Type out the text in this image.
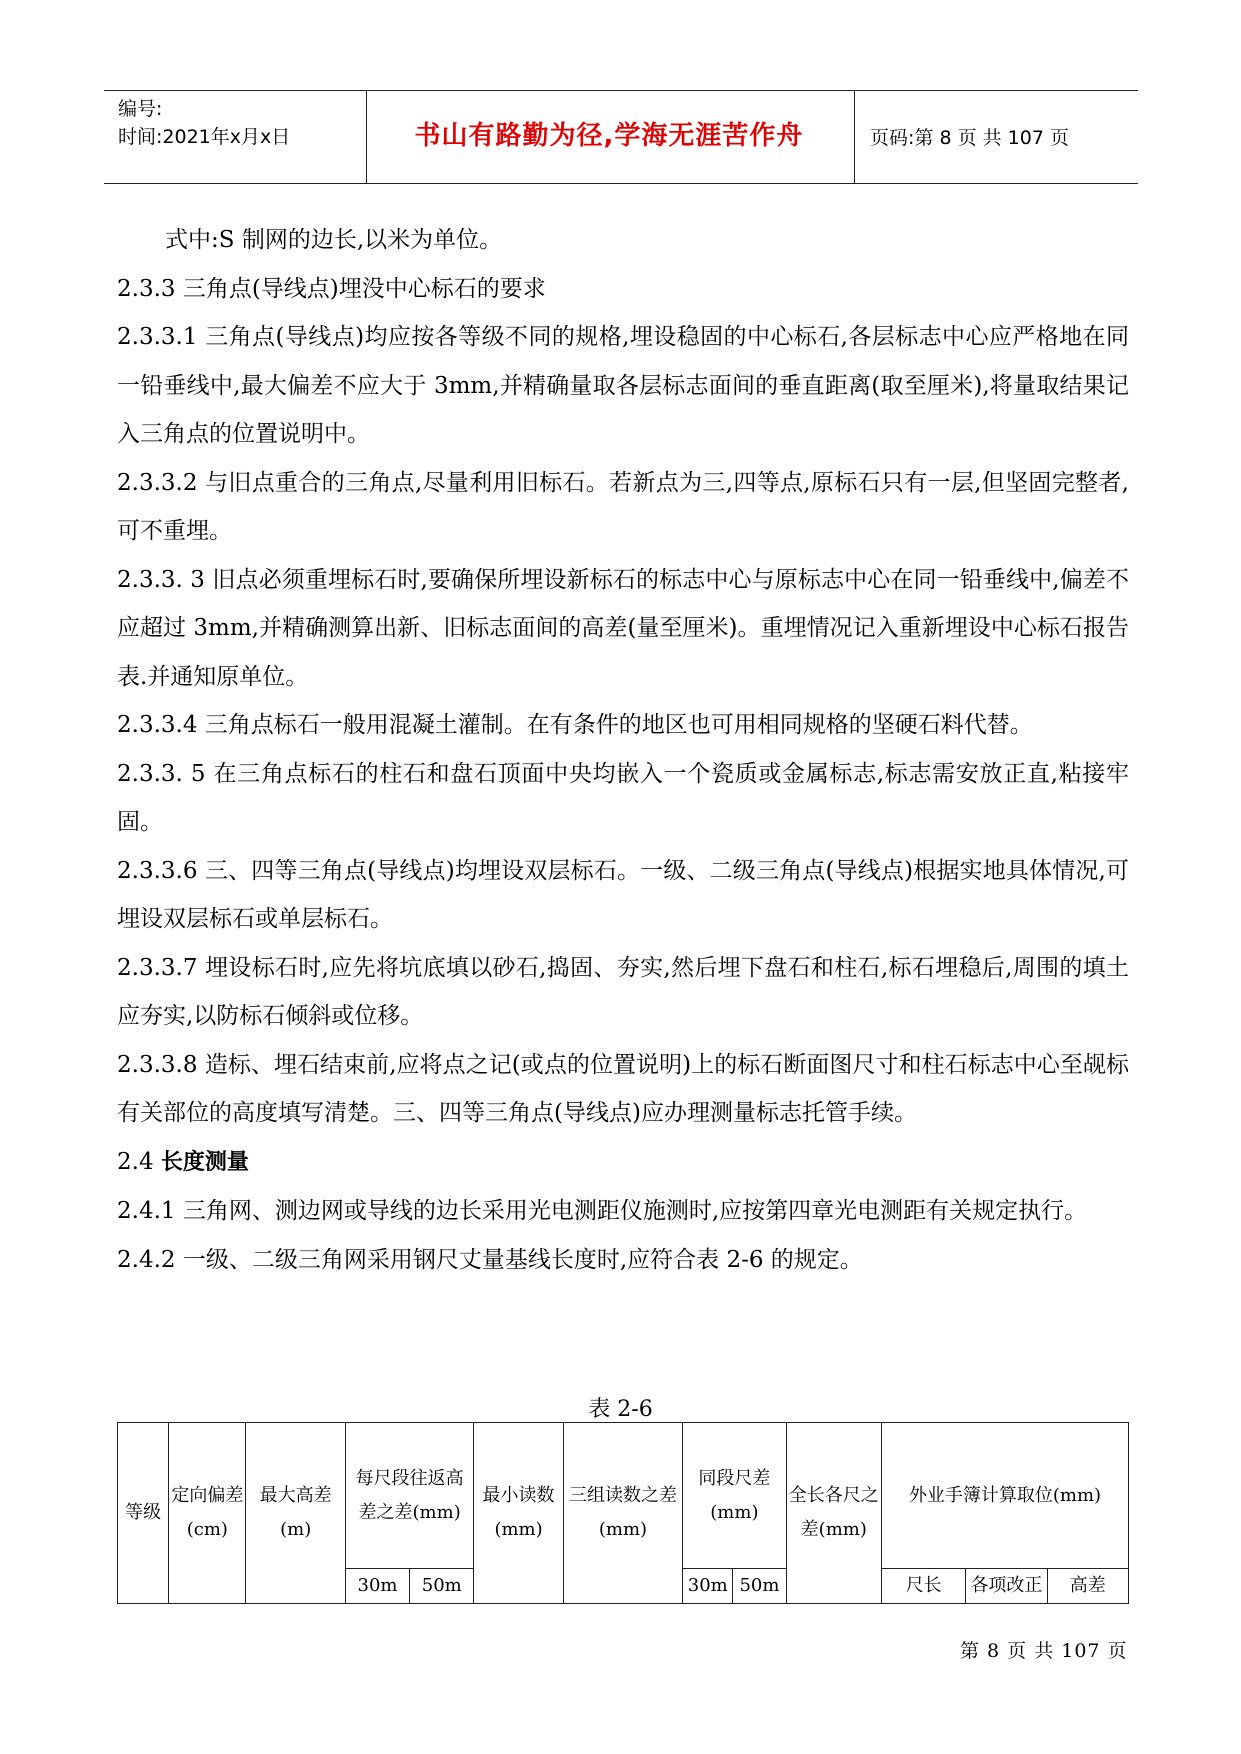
编号:
时间:2021年x月x日	书山有路勤为径,学海无涯苦作舟	页码:第 8 页 共 107 页

式中:S 制网的边长,以米为单位。

2.3.3 三角点(导线点)埋没中心标石的要求

2.3.3.1 三角点(导线点)均应按各等级不同的规格,埋设稳固的中心标石,各层标志中心应严格地在同一铅垂线中,最大偏差不应大于 3mm,并精确量取各层标志面间的垂直距离(取至厘米),将量取结果记入三角点的位置说明中。

2.3.3.2 与旧点重合的三角点,尽量利用旧标石。若新点为三,四等点,原标石只有一层,但坚固完整者,可不重埋。

2.3.3. 3 旧点必须重埋标石时,要确保所埋设新标石的标志中心与原标志中心在同一铅垂线中,偏差不应超过 3mm,并精确测算出新、旧标志面间的高差(量至厘米)。重埋情况记入重新埋设中心标石报告表.并通知原单位。

2.3.3.4 三角点标石一般用混凝土灌制。在有条件的地区也可用相同规格的坚硬石料代替。

2.3.3. 5 在三角点标石的柱石和盘石顶面中央均嵌入一个瓷质或金属标志,标志需安放正直,粘接牢固。

2.3.3.6 三、四等三角点(导线点)均埋设双层标石。一级、二级三角点(导线点)根据实地具体情况,可埋设双层标石或单层标石。

2.3.3.7 埋设标石时,应先将坑底填以砂石,捣固、夯实,然后埋下盘石和柱石,标石埋稳后,周围的填土应夯实,以防标石倾斜或位移。

2.3.3.8 造标、埋石结束前,应将点之记(或点的位置说明)上的标石断面图尺寸和柱石标志中心至觇标有关部位的高度填写清楚。三、四等三角点(导线点)应办理测量标志托管手续。

2.4 长度测量

2.4.1 三角网、测边网或导线的边长采用光电测距仪施测时,应按第四章光电测距有关规定执行。

2.4.2 一级、二级三角网采用钢尺丈量基线长度时,应符合表 2-6 的规定。

表 2-6
等级	定向偏差(cm)	最大高差(m)	每尺段往返高差之差(mm)		最小读数(mm)	三组读数之差(mm)	同段尺差(mm)		全长各尺之差(mm)	外业手簿计算取位(mm)		
			30m	50m			30m	50m		尺长	各项改正	高差
第 8 页 共 107 页
